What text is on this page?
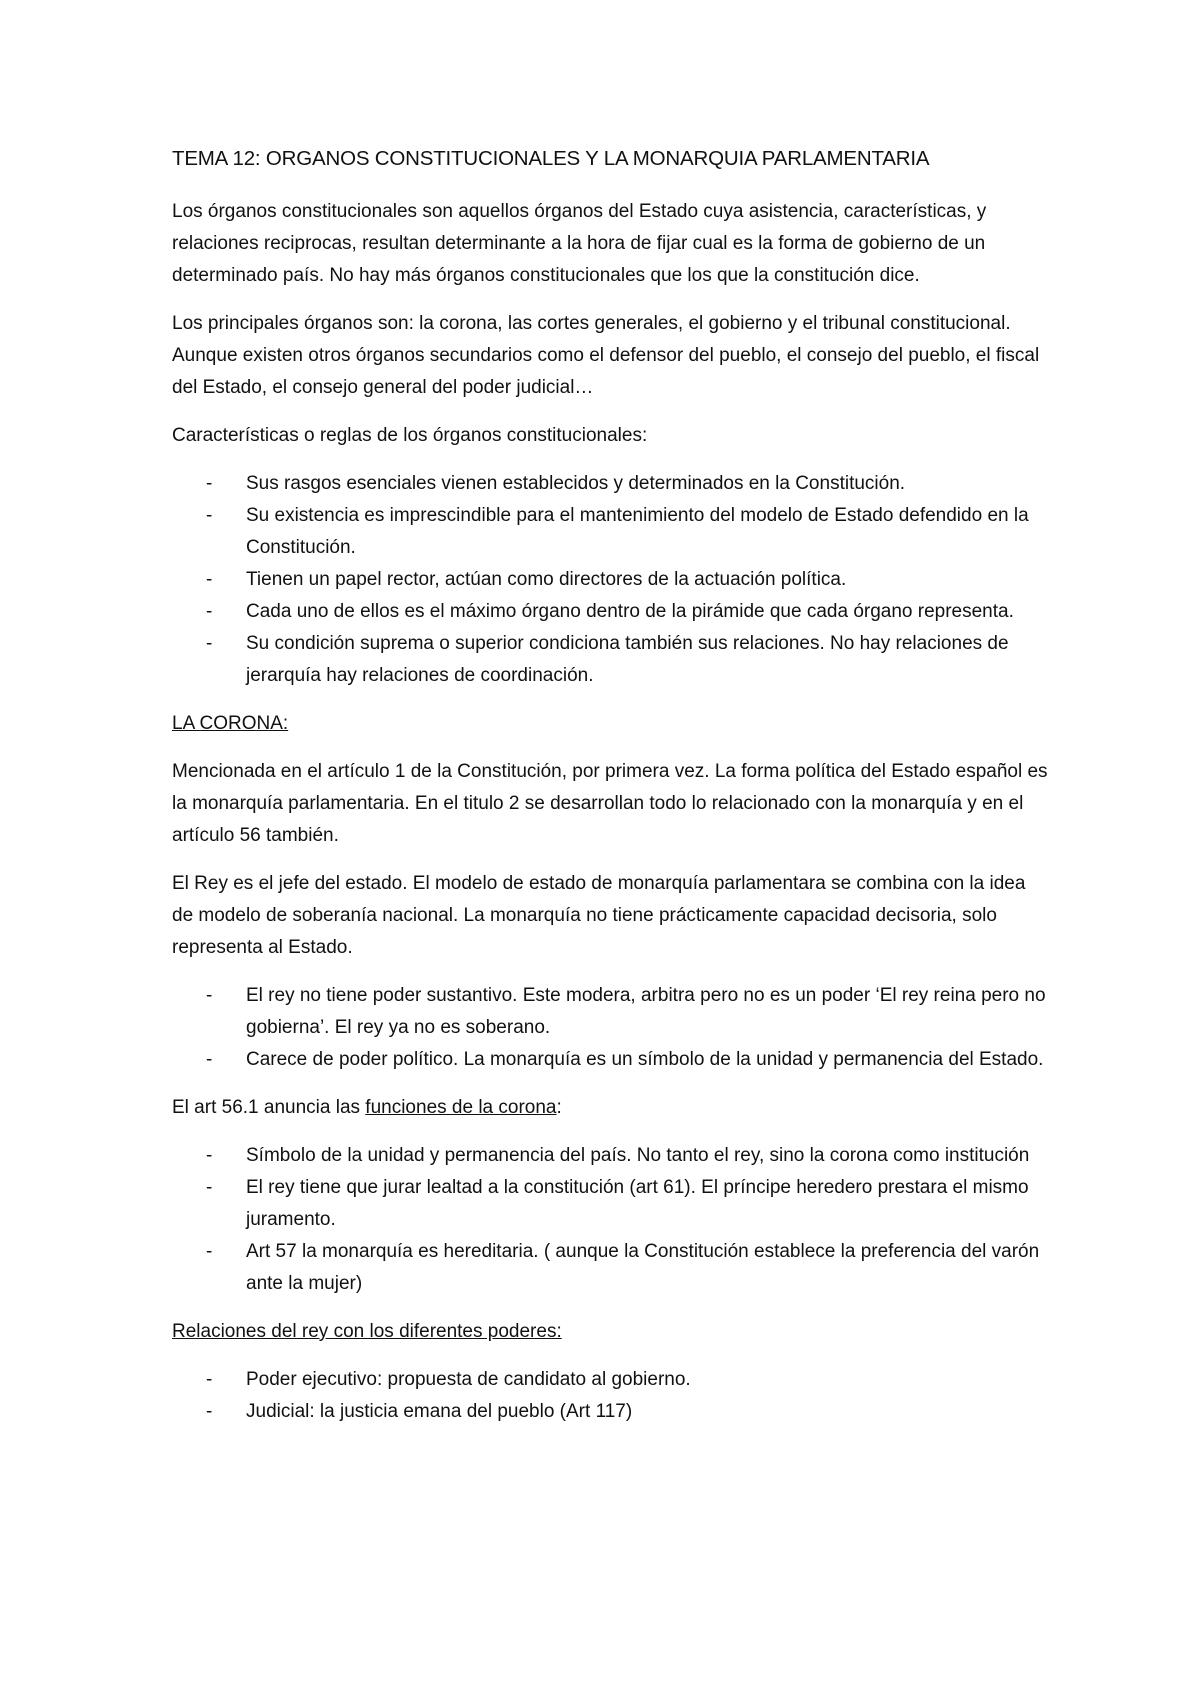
TEMA 12: ORGANOS CONSTITUCIONALES Y LA MONARQUIA PARLAMENTARIA

Los órganos constitucionales son aquellos órganos del Estado cuya asistencia, características, y relaciones reciprocas, resultan determinante a la hora de fijar cual es la forma de gobierno de un determinado país. No hay más órganos constitucionales que los que la constitución dice.

Los principales órganos son: la corona, las cortes generales, el gobierno y el tribunal constitucional. Aunque existen otros órganos secundarios como el defensor del pueblo, el consejo del pueblo, el fiscal del Estado, el consejo general del poder judicial…

Características o reglas de los órganos constitucionales:

- Sus rasgos esenciales vienen establecidos y determinados en la Constitución.
- Su existencia es imprescindible para el mantenimiento del modelo de Estado defendido en la Constitución.
- Tienen un papel rector, actúan como directores de la actuación política.
- Cada uno de ellos es el máximo órgano dentro de la pirámide que cada órgano representa.
- Su condición suprema o superior condiciona también sus relaciones. No hay relaciones de jerarquía hay relaciones de coordinación.

LA CORONA:

Mencionada en el artículo 1 de la Constitución, por primera vez. La forma política del Estado español es la monarquía parlamentaria. En el titulo 2 se desarrollan todo lo relacionado con la monarquía y en el artículo 56 también.

El Rey es el jefe del estado. El modelo de estado de monarquía parlamentara se combina con la idea de modelo de soberanía nacional. La monarquía no tiene prácticamente capacidad decisoria, solo representa al Estado.

- El rey no tiene poder sustantivo. Este modera, arbitra pero no es un poder ‘El rey reina pero no gobierna’. El rey ya no es soberano.
- Carece de poder político. La monarquía es un símbolo de la unidad y permanencia del Estado.

El art 56.1 anuncia las funciones de la corona:

- Símbolo de la unidad y permanencia del país. No tanto el rey, sino la corona como institución
- El rey tiene que jurar lealtad a la constitución (art 61). El príncipe heredero prestara el mismo juramento.
- Art 57 la monarquía es hereditaria. ( aunque la Constitución establece la preferencia del varón ante la mujer)

Relaciones del rey con los diferentes poderes:

- Poder ejecutivo: propuesta de candidato al gobierno.
- Judicial: la justicia emana del pueblo (Art 117)
